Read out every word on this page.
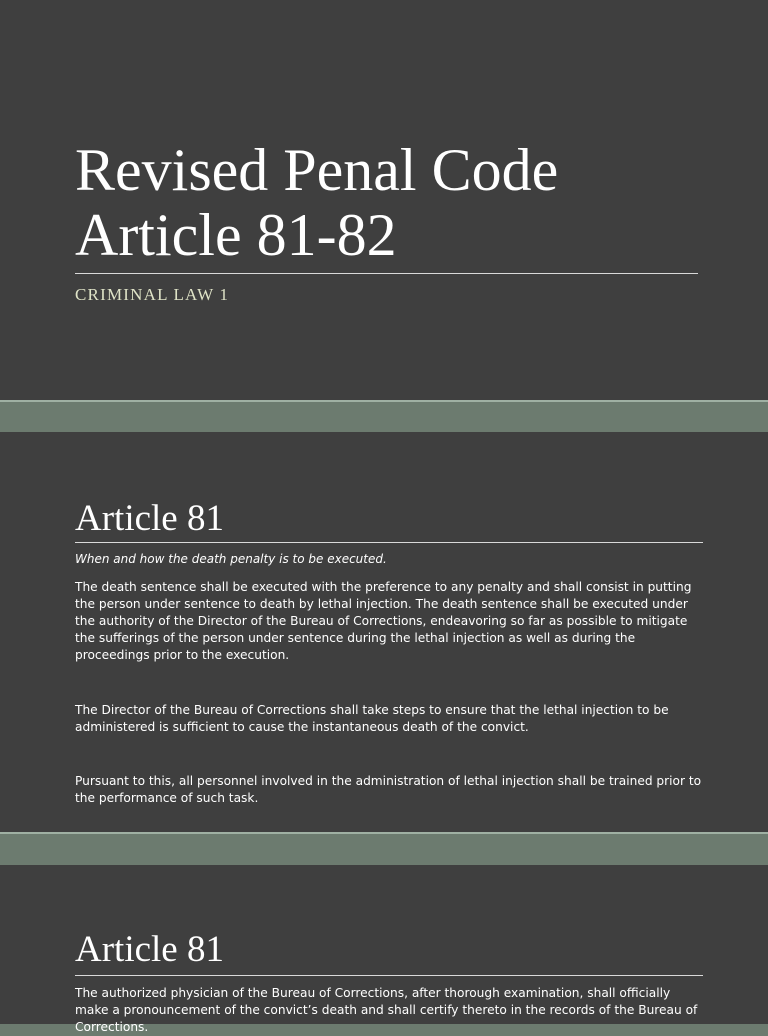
Revised Penal Code
Article 81-82
CRIMINAL LAW 1
Article 81

When and how the death penalty is to be executed.

The death sentence shall be executed with the preference to any penalty and shall consist in putting the person under sentence to death by lethal injection. The death sentence shall be executed under the authority of the Director of the Bureau of Corrections, endeavoring so far as possible to mitigate the sufferings of the person under sentence during the lethal injection as well as during the proceedings prior to the execution.

The Director of the Bureau of Corrections shall take steps to ensure that the lethal injection to be administered is sufficient to cause the instantaneous death of the convict.

Pursuant to this, all personnel involved in the administration of lethal injection shall be trained prior to the performance of such task.

Article 81

The authorized physician of the Bureau of Corrections, after thorough examination, shall officially make a pronouncement of the convict’s death and shall certify thereto in the records of the Bureau of Corrections.
